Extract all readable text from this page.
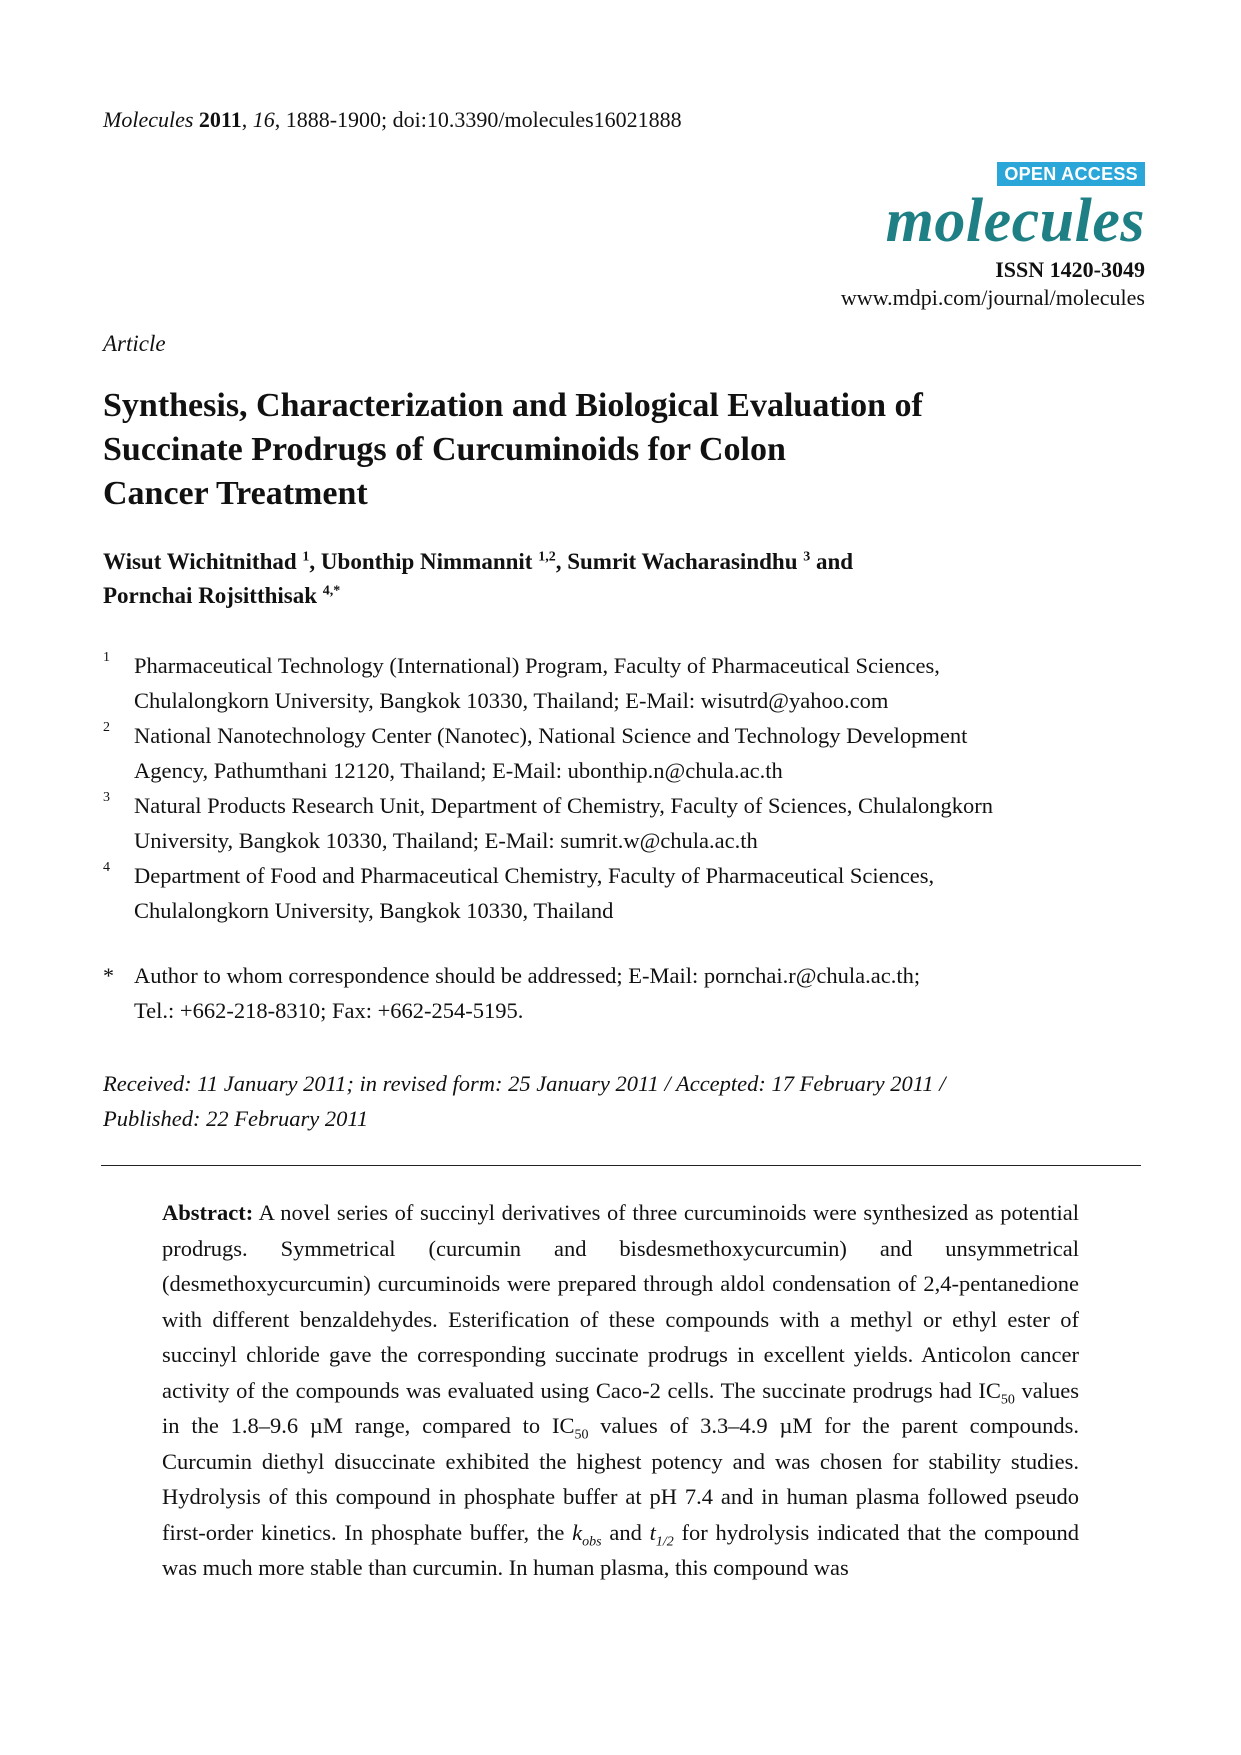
Molecules 2011, 16, 1888-1900; doi:10.3390/molecules16021888
OPEN ACCESS
molecules
ISSN 1420-3049
www.mdpi.com/journal/molecules
Article
Synthesis, Characterization and Biological Evaluation of
Succinate Prodrugs of Curcuminoids for Colon
Cancer Treatment
Wisut Wichitnithad $^1$, Ubonthip Nimmannit $^{1,2}$, Sumrit Wacharasindhu $^3$ and
Pornchai Rojsitthisak $^{4,*}$
1 Pharmaceutical Technology (International) Program, Faculty of Pharmaceutical Sciences,
Chulalongkorn University, Bangkok 10330, Thailand; E-Mail: wisutrd@yahoo.com
2 National Nanotechnology Center (Nanotec), National Science and Technology Development
Agency, Pathumthani 12120, Thailand; E-Mail: ubonthip.n@chula.ac.th
3 Natural Products Research Unit, Department of Chemistry, Faculty of Sciences, Chulalongkorn
University, Bangkok 10330, Thailand; E-Mail: sumrit.w@chula.ac.th
4 Department of Food and Pharmaceutical Chemistry, Faculty of Pharmaceutical Sciences,
Chulalongkorn University, Bangkok 10330, Thailand
* Author to whom correspondence should be addressed; E-Mail: pornchai.r@chula.ac.th;
Tel.: +662-218-8310; Fax: +662-254-5195.
Received: 11 January 2011; in revised form: 25 January 2011 / Accepted: 17 February 2011 /
Published: 22 February 2011

Abstract: A novel series of succinyl derivatives of three curcuminoids were synthesized as potential prodrugs. Symmetrical (curcumin and bisdesmethoxycurcumin) and unsymmetrical (desmethoxycurcumin) curcuminoids were prepared through aldol condensation of 2,4-pentanedione with different benzaldehydes. Esterification of these compounds with a methyl or ethyl ester of succinyl chloride gave the corresponding succinate prodrugs in excellent yields. Anticolon cancer activity of the compounds was evaluated using Caco-2 cells. The succinate prodrugs had $IC_{50}$ values in the 1.8–9.6 µM range, compared to $IC_{50}$ values of 3.3–4.9 µM for the parent compounds. Curcumin diethyl disuccinate exhibited the highest potency and was chosen for stability studies. Hydrolysis of this compound in phosphate buffer at pH 7.4 and in human plasma followed pseudo first-order kinetics. In phosphate buffer, the $k_{obs}$ and $t_{1/2}$ for hydrolysis indicated that the compound was much more stable than curcumin. In human plasma, this compound was
